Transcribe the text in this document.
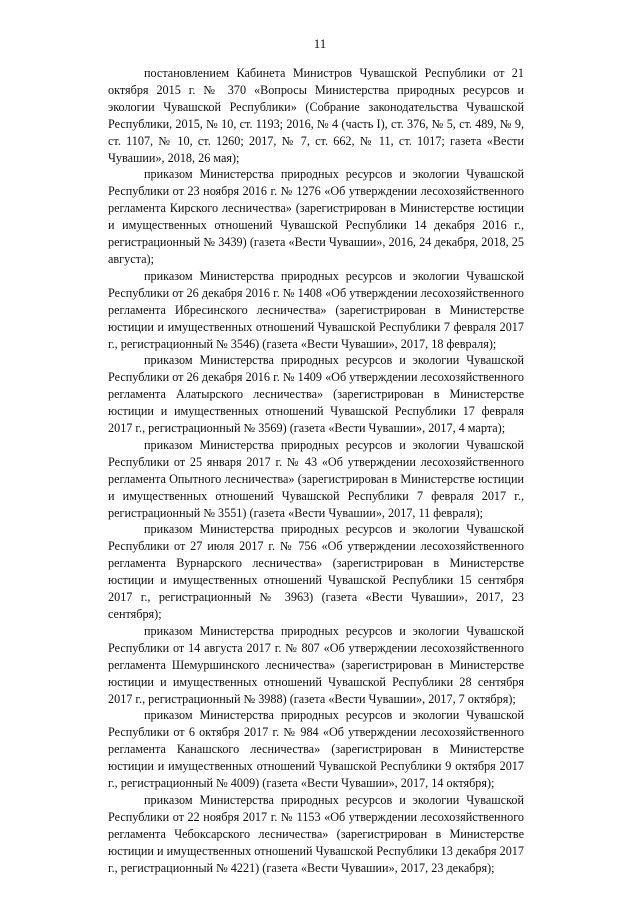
11

постановлением Кабинета Министров Чувашской Республики от 21 октября 2015 г. № 370 «Вопросы Министерства природных ресурсов и экологии Чувашской Республики» (Собрание законодательства Чувашской Республики, 2015, № 10, ст. 1193; 2016, № 4 (часть I), ст. 376, № 5, ст. 489, № 9, ст. 1107, № 10, ст. 1260; 2017, № 7, ст. 662, № 11, ст. 1017; газета «Вести Чувашии», 2018, 26 мая);

приказом Министерства природных ресурсов и экологии Чувашской Республики от 23 ноября 2016 г. № 1276 «Об утверждении лесохозяйственного регламента Кирского лесничества» (зарегистрирован в Министерстве юстиции и имущественных отношений Чувашской Республики 14 декабря 2016 г., регистрационный № 3439) (газета «Вести Чувашии», 2016, 24 декабря, 2018, 25 августа);

приказом Министерства природных ресурсов и экологии Чувашской Республики от 26 декабря 2016 г. № 1408 «Об утверждении лесохозяйственного регламента Ибресинского лесничества» (зарегистрирован в Министерстве юстиции и имущественных отношений Чувашской Республики 7 февраля 2017 г., регистрационный № 3546) (газета «Вести Чувашии», 2017, 18 февраля);

приказом Министерства природных ресурсов и экологии Чувашской Республики от 26 декабря 2016 г. № 1409 «Об утверждении лесохозяйственного регламента Алатырского лесничества» (зарегистрирован в Министерстве юстиции и имущественных отношений Чувашской Республики 17 февраля 2017 г., регистрационный № 3569) (газета «Вести Чувашии», 2017, 4 марта);

приказом Министерства природных ресурсов и экологии Чувашской Республики от 25 января 2017 г. № 43 «Об утверждении лесохозяйственного регламента Опытного лесничества» (зарегистрирован в Министерстве юстиции и имущественных отношений Чувашской Республики 7 февраля 2017 г., регистрационный № 3551) (газета «Вести Чувашии», 2017, 11 февраля);

приказом Министерства природных ресурсов и экологии Чувашской Республики от 27 июля 2017 г. № 756 «Об утверждении лесохозяйственного регламента Вурнарского лесничества» (зарегистрирован в Министерстве юстиции и имущественных отношений Чувашской Республики 15 сентября 2017 г., регистрационный № 3963) (газета «Вести Чувашии», 2017, 23 сентября);

приказом Министерства природных ресурсов и экологии Чувашской Республики от 14 августа 2017 г. № 807 «Об утверждении лесохозяйственного регламента Шемуршинского лесничества» (зарегистрирован в Министерстве юстиции и имущественных отношений Чувашской Республики 28 сентября 2017 г., регистрационный № 3988) (газета «Вести Чувашии», 2017, 7 октября);

приказом Министерства природных ресурсов и экологии Чувашской Республики от 6 октября 2017 г. № 984 «Об утверждении лесохозяйственного регламента Канашского лесничества» (зарегистрирован в Министерстве юстиции и имущественных отношений Чувашской Республики 9 октября 2017 г., регистрационный № 4009) (газета «Вести Чувашии», 2017, 14 октября);

приказом Министерства природных ресурсов и экологии Чувашской Республики от 22 ноября 2017 г. № 1153 «Об утверждении лесохозяйственного регламента Чебоксарского лесничества» (зарегистрирован в Министерстве юстиции и имущественных отношений Чувашской Республики 13 декабря 2017 г., регистрационный № 4221) (газета «Вести Чувашии», 2017, 23 декабря);
